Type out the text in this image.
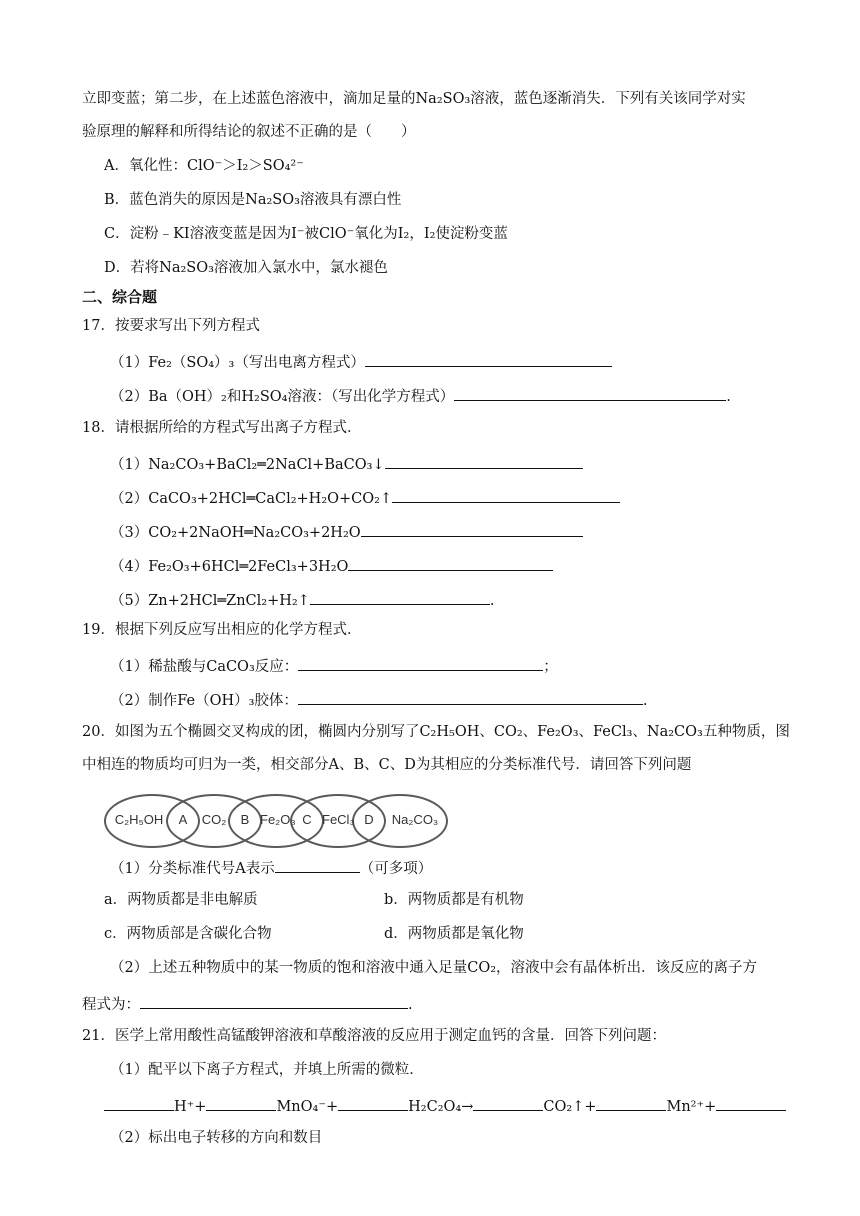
立即变蓝；第二步，在上述蓝色溶液中，滴加足量的Na₂SO₃溶液，蓝色逐渐消失．下列有关该同学对实
验原理的解释和所得结论的叙述不正确的是（　　）
A．氧化性：ClO⁻＞I₂＞SO₄²⁻
B．蓝色消失的原因是Na₂SO₃溶液具有漂白性
C．淀粉﹣KI溶液变蓝是因为I⁻被ClO⁻氧化为I₂，I₂使淀粉变蓝
D．若将Na₂SO₃溶液加入氯水中，氯水褪色
二、综合题
17．按要求写出下列方程式
（1）Fe₂（SO₄）₃（写出电离方程式）
（2）Ba（OH）₂和H₂SO₄溶液：（写出化学方程式）	.
18．请根据所给的方程式写出离子方程式．
（1）Na₂CO₃+BaCl₂═2NaCl+BaCO₃↓
（2）CaCO₃+2HCl═CaCl₂+H₂O+CO₂↑
（3）CO₂+2NaOH═Na₂CO₃+2H₂O
（4）Fe₂O₃+6HCl═2FeCl₃+3H₂O
（5）Zn+2HCl═ZnCl₂+H₂↑	.
19．根据下列反应写出相应的化学方程式．
（1）稀盐酸与CaCO₃反应：	；
（2）制作Fe（OH）₃胶体：	.
20．如图为五个椭圆交叉构成的团，椭圆内分别写了C₂H₅OH、CO₂、Fe₂O₃、FeCl₃、Na₂CO₃五种物质，图
中相连的物质均可归为一类，相交部分A、B、C、D为其相应的分类标准代号．请回答下列问题
C₂H₅OH	A	CO₂	B Fe₂O₃ C FeCl₃ D	Na₂CO₃
（1）分类标准代号A表示	（可多项）
a．两物质都是非电解质	b．两物质都是有机物
c．两物质部是含碳化合物	d．两物质都是氧化物
（2）上述五种物质中的某一物质的饱和溶液中通入足量CO₂，溶液中会有晶体析出．该反应的离子方
程式为：	.
21．医学上常用酸性高锰酸钾溶液和草酸溶液的反应用于测定血钙的含量．回答下列问题：
（1）配平以下离子方程式，并填上所需的微粒．
H⁺+	MnO₄⁻+	H₂C₂O₄→	CO₂↑+	Mn²⁺+
（2）标出电子转移的方向和数目
